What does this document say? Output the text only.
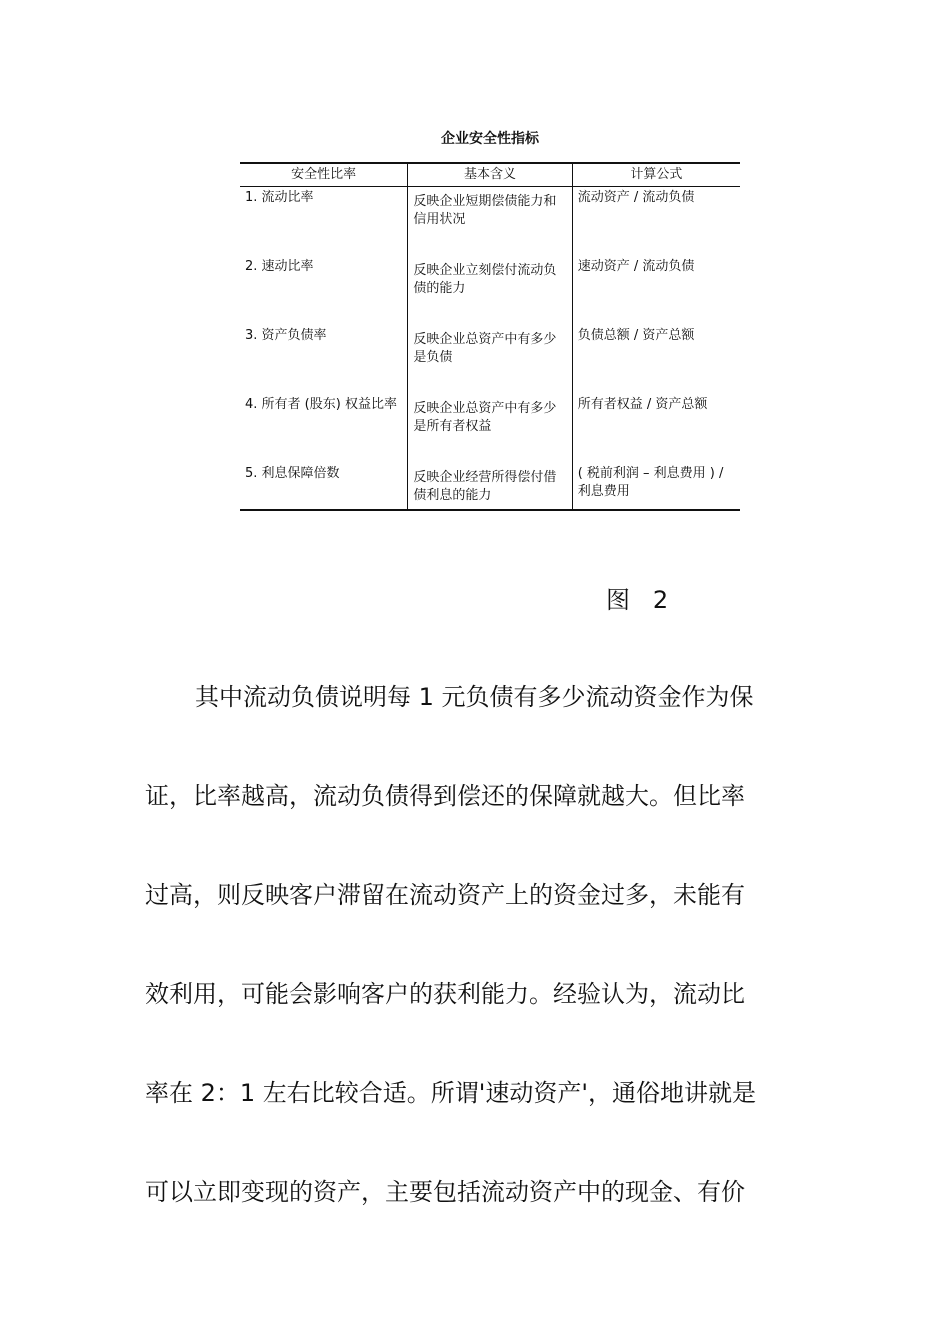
企业安全性指标
安全性比率	基本含义	计算公式

1. 流动比率	反映企业短期偿债能力和信用状况	流动资产 / 流动负债

2. 速动比率	反映企业立刻偿付流动负债的能力	速动资产 / 流动负债

3. 资产负债率	反映企业总资产中有多少是负债	负债总额 / 资产总额

4. 所有者 (股东) 权益比率	反映企业总资产中有多少是所有者权益	所有者权益 / 资产总额

5. 利息保障倍数	反映企业经营所得偿付借债利息的能力	( 税前利润 – 利息费用 ) / 利息费用

图 2

其中流动负债说明每 1 元负债有多少流动资金作为保
证，比率越高，流动负债得到偿还的保障就越大。但比率
过高，则反映客户滞留在流动资产上的资金过多，未能有
效利用，可能会影响客户的获利能力。经验认为，流动比
率在 2：1 左右比较合适。所谓'速动资产'，通俗地讲就是
可以立即变现的资产，主要包括流动资产中的现金、有价
